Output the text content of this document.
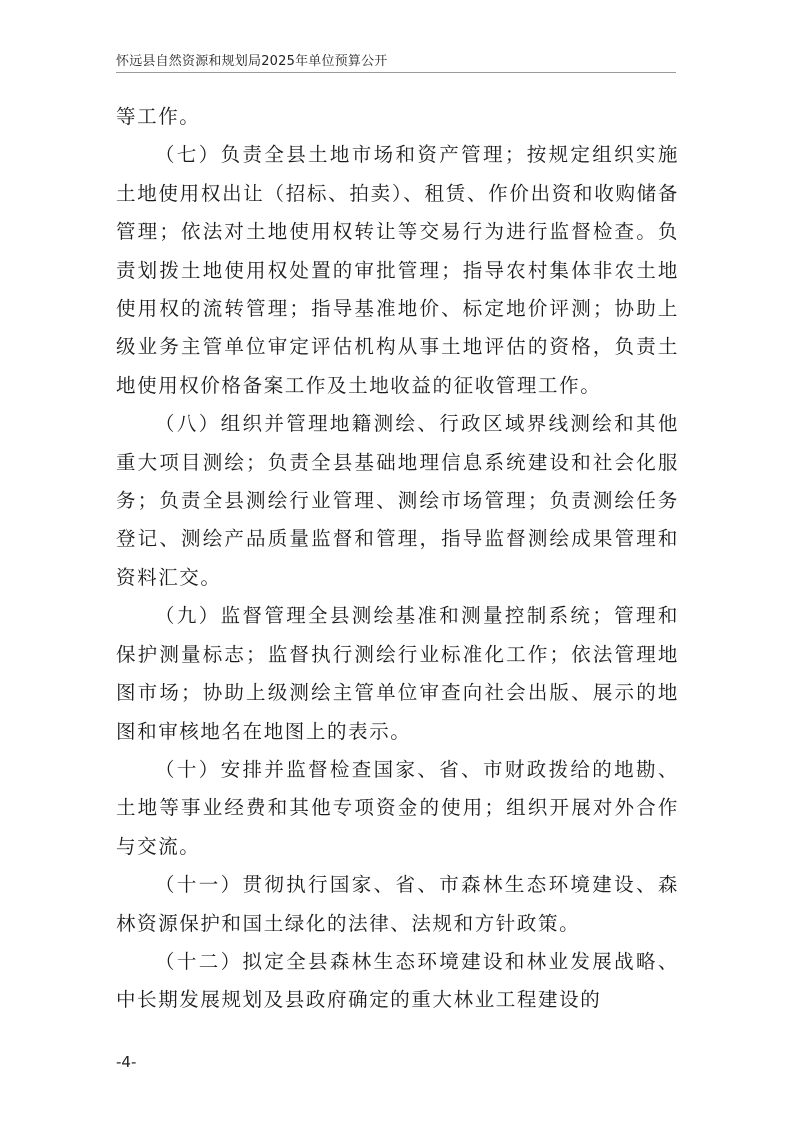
怀远县自然资源和规划局2025年单位预算公开

等工作。

（七）负责全县土地市场和资产管理；按规定组织实施土地使用权出让（招标、拍卖）、租赁、作价出资和收购储备管理；依法对土地使用权转让等交易行为进行监督检查。负责划拨土地使用权处置的审批管理；指导农村集体非农土地使用权的流转管理；指导基准地价、标定地价评测；协助上级业务主管单位审定评估机构从事土地评估的资格，负责土地使用权价格备案工作及土地收益的征收管理工作。

（八）组织并管理地籍测绘、行政区域界线测绘和其他重大项目测绘；负责全县基础地理信息系统建设和社会化服务；负责全县测绘行业管理、测绘市场管理；负责测绘任务登记、测绘产品质量监督和管理，指导监督测绘成果管理和资料汇交。

（九）监督管理全县测绘基准和测量控制系统；管理和保护测量标志；监督执行测绘行业标准化工作；依法管理地图市场；协助上级测绘主管单位审查向社会出版、展示的地图和审核地名在地图上的表示。

（十）安排并监督检查国家、省、市财政拨给的地勘、土地等事业经费和其他专项资金的使用；组织开展对外合作与交流。

（十一）贯彻执行国家、省、市森林生态环境建设、森林资源保护和国土绿化的法律、法规和方针政策。

（十二）拟定全县森林生态环境建设和林业发展战略、中长期发展规划及县政府确定的重大林业工程建设的

-4-
